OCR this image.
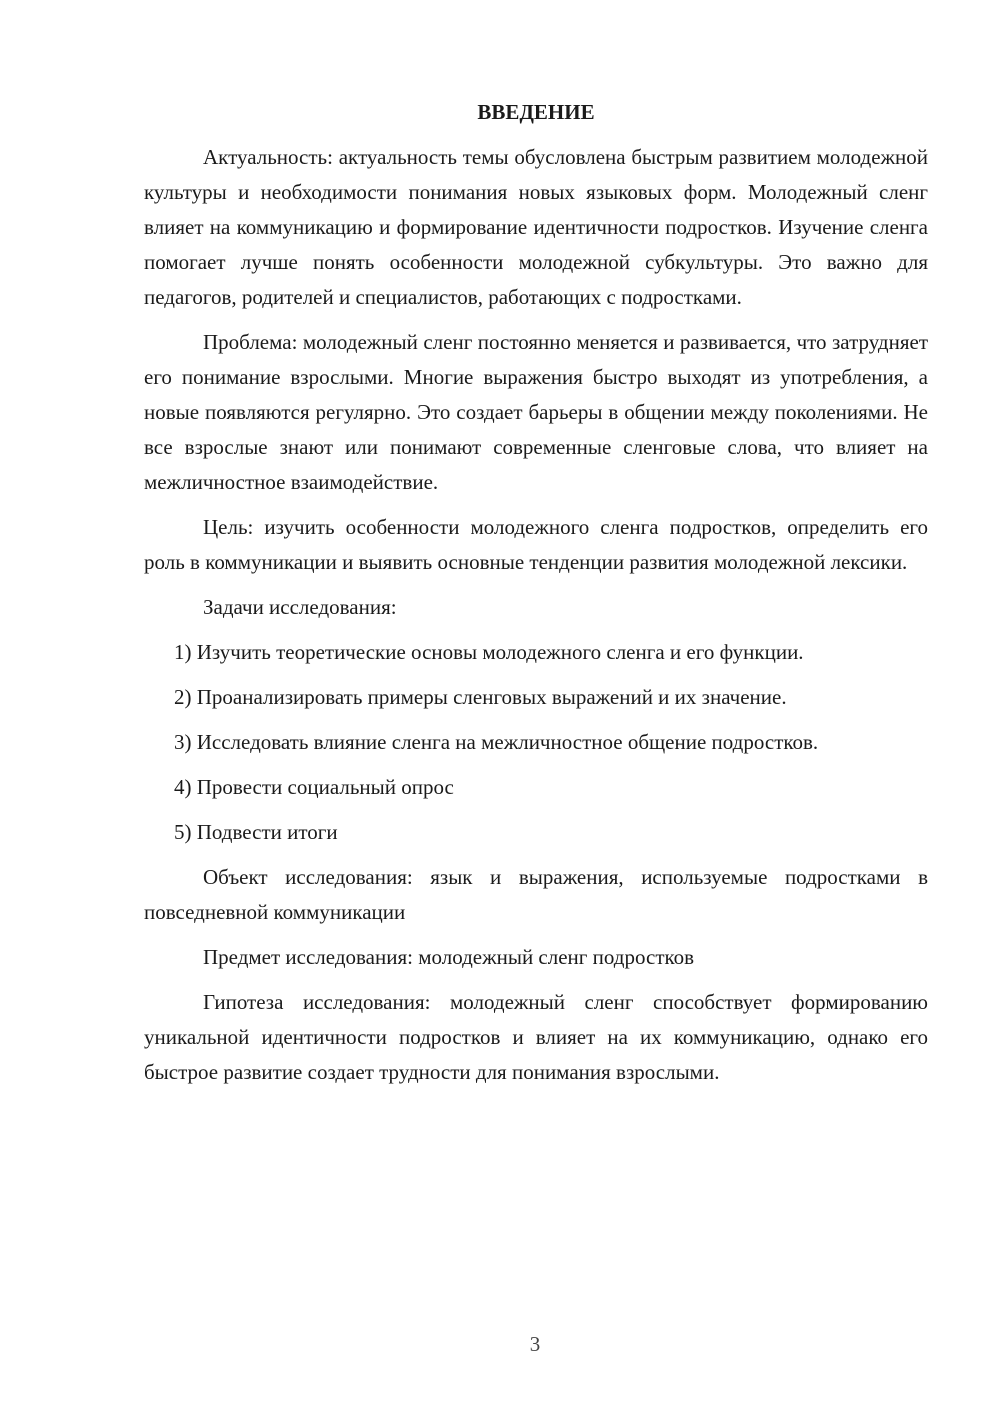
ВВЕДЕНИЕ

Актуальность: актуальность темы обусловлена быстрым развитием молодежной культуры и необходимости понимания новых языковых форм. Молодежный сленг влияет на коммуникацию и формирование идентичности подростков. Изучение сленга помогает лучше понять особенности молодежной субкультуры. Это важно для педагогов, родителей и специалистов, работающих с подростками.

Проблема: молодежный сленг постоянно меняется и развивается, что затрудняет его понимание взрослыми. Многие выражения быстро выходят из употребления, а новые появляются регулярно. Это создает барьеры в общении между поколениями. Не все взрослые знают или понимают современные сленговые слова, что влияет на межличностное взаимодействие.

Цель: изучить особенности молодежного сленга подростков, определить его роль в коммуникации и выявить основные тенденции развития молодежной лексики.

Задачи исследования:

1) Изучить теоретические основы молодежного сленга и его функции.

2) Проанализировать примеры сленговых выражений и их значение.

3) Исследовать влияние сленга на межличностное общение подростков.

4) Провести социальный опрос

5) Подвести итоги

Объект исследования: язык и выражения, используемые подростками в повседневной коммуникации

Предмет исследования: молодежный сленг подростков

Гипотеза исследования: молодежный сленг способствует формированию уникальной идентичности подростков и влияет на их коммуникацию, однако его быстрое развитие создает трудности для понимания взрослыми.

3
